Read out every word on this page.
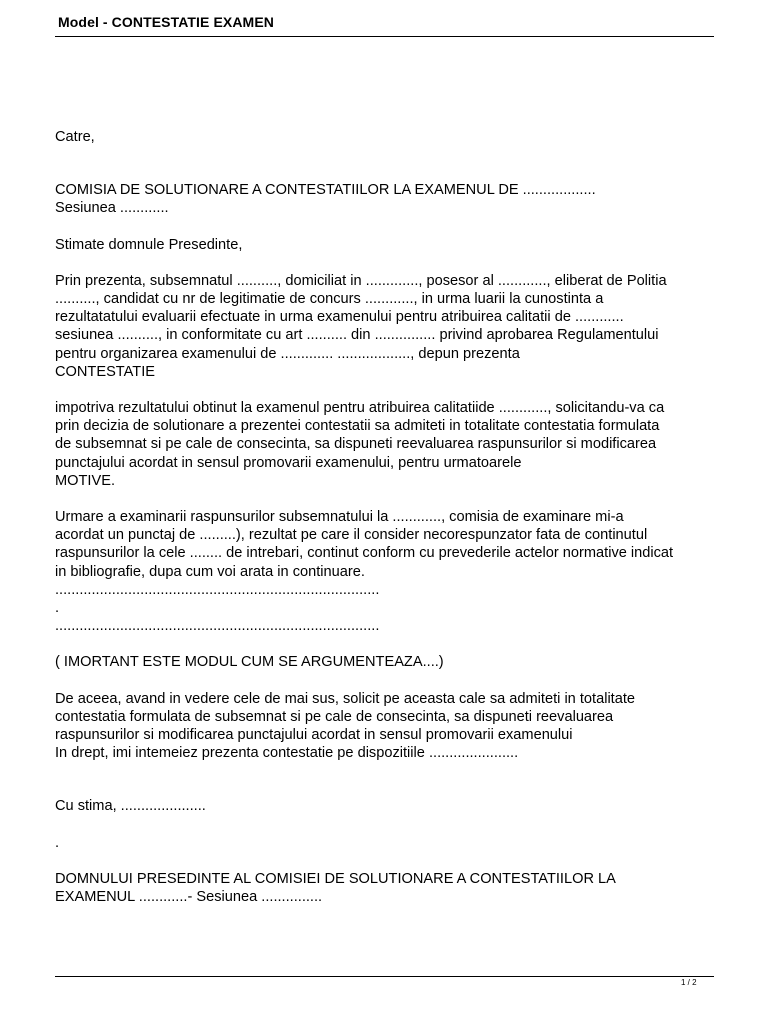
Model - CONTESTATIE EXAMEN

Catre,

COMISIA DE SOLUTIONARE A CONTESTATIILOR LA EXAMENUL DE ..................

Sesiunea ............

Stimate domnule Presedinte,

Prin prezenta, subsemnatul .........., domiciliat in ............., posesor al ............, eliberat de Politia

.........., candidat cu nr de legitimatie de concurs ............, in urma luarii la cunostinta a

rezultatatului evaluarii efectuate in urma examenului pentru atribuirea calitatii de ............

sesiunea .........., in conformitate cu art .......... din ............... privind aprobarea Regulamentului

pentru organizarea examenului de ............. .................., depun prezenta

CONTESTATIE

impotriva rezultatului obtinut la examenul pentru atribuirea calitatiide ............, solicitandu-va ca

prin decizia de solutionare a prezentei contestatii sa admiteti in totalitate contestatia formulata

de subsemnat si pe cale de consecinta, sa dispuneti reevaluarea raspunsurilor si modificarea

punctajului acordat in sensul promovarii examenului, pentru urmatoarele

MOTIVE.

Urmare a examinarii raspunsurilor subsemnatului la ............, comisia de examinare mi-a

acordat un punctaj de .........), rezultat pe care il consider necorespunzator fata de continutul

raspunsurilor la cele ........ de intrebari, continut conform cu prevederile actelor normative indicat

in bibliografie, dupa cum voi arata in continuare.

................................................................................

.

................................................................................

( IMORTANT ESTE MODUL CUM SE ARGUMENTEAZA....)

De aceea, avand in vedere cele de mai sus, solicit pe aceasta cale sa admiteti in totalitate

contestatia formulata de subsemnat si pe cale de consecinta, sa dispuneti reevaluarea

raspunsurilor si modificarea punctajului acordat in sensul promovarii examenului

In drept, imi intemeiez prezenta contestatie pe dispozitiile ......................

Cu stima, .....................

.

DOMNULUI PRESEDINTE AL COMISIEI DE SOLUTIONARE A CONTESTATIILOR LA

EXAMENUL ............- Sesiunea ...............

1 / 2
